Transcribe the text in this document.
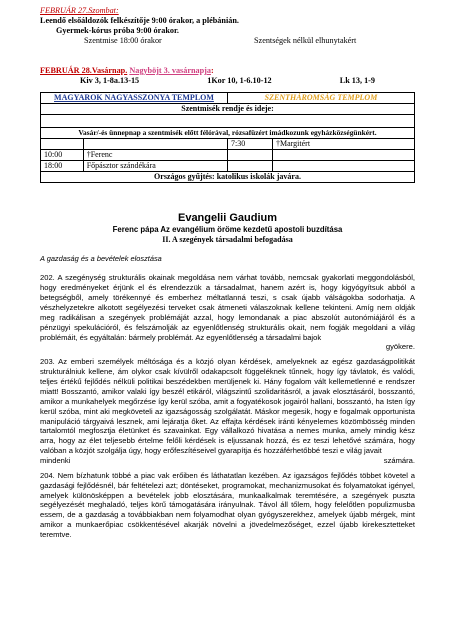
FEBRUÁR 27.Szombat:
Leendő elsőáldozók felkészítője 9:00 órakor, a plébánián.
Gyermek-kórus próba 9:00 órakor.
Szentmise 18:00 órakor	Szentségek nélkül elhunytakért
FEBRUÁR 28.Vasárnap. Nagyböjt 3. vasárnapja:
Kiv 3, 1-8a.13-15	1Kor 10, 1-6.10-12	Lk 13, 1-9
MAGYAROK NAGYASSZONYA TEMPLOM		SZENTHÁROMSÁG TEMPLOM	
Szentmisék rendje és ideje:			

Vasár/-és ünnepnap a szentmisék előtt félórával, rózsafüzért imádkozunk egyházközségünkért.			
		7:30	†Margitért
10:00	†Ferenc		
18:00	Főpásztor szándékára		
Országos gyűjtés: katolikus iskolák javára.			
Evangelii Gaudium
Ferenc pápa Az evangélium öröme kezdetű apostoli buzdítása
II. A szegények társadalmi befogadása
A gazdaság és a bevételek elosztása

202. A szegénység strukturális okainak megoldása nem várhat tovább, nemcsak gyakorlati meggondolásból, hogy eredményeket érjünk el és elrendezzük a társadalmat, hanem azért is, hogy kigyógyítsuk abból a betegségből, amely törékennyé és emberhez méltatlanná teszi, s csak újabb válságokba sodorhatja. A vészhelyzetekre alkotott segélyezési terveket csak átmeneti válaszoknak kellene tekinteni. Amíg nem oldják meg radikálisan a szegények problémáját azzal, hogy lemondanak a piac abszolút autonómiájáról és a pénzügyi spekulációról, és felszámolják az egyenlőtlenség strukturális okait, nem fogják megoldani a világ problémáit, és egyáltalán: bármely problémát. Az egyenlőtlenség a társadalmi bajok
gyökere.

203. Az emberi személyek méltósága és a közjó olyan kérdések, amelyeknek az egész gazdaságpolitikát strukturálniuk kellene, ám olykor csak kívülről odakapcsolt függeléknek tűnnek, hogy így távlatok, és valódi, teljes értékű fejlődés nélküli politikai beszédekben merüljenek ki. Hány fogalom vált kellemetlenné e rendszer miatt! Bosszantó, amikor valaki így beszél etikáról, világszintű szolidaritásról, a javak elosztásáról, bosszantó, amikor a munkahelyek megőrzése így kerül szóba, amit a fogyatékosok jogairól hallani, bosszantó, ha Isten így kerül szóba, mint aki megköveteli az igazságosság szolgálatát. Máskor megesik, hogy e fogalmak opportunista manipuláció tárgyaivá lesznek, ami lejáratja őket. Az effajta kérdések iránti kényelemes közömbösség minden tartalomtól megfosztja életünket és szavainkat. Egy vállalkozó hivatása a nemes munka, amely mindig kész arra, hogy az élet teljesebb értelme felőli kérdések is eljussanak hozzá, és ez teszi lehetővé számára, hogy valóban a közjót szolgálja úgy, hogy erőfeszítéseivel gyarapítja és hozzáférhetőbbé teszi e világ javait
mindenki	számára.

204. Nem bízhatunk többé a piac vak erőiben és láthatatlan kezében. Az igazságos fejlődés többet követel a gazdasági fejlődésnél, bár feltételezi azt; döntéseket, programokat, mechanizmusokat és folyamatokat igényel, amelyek különösképpen a bevételek jobb elosztására, munkaalkalmak teremtésére, a szegények puszta segélyezését meghaladó, teljes körű támogatására irányulnak. Távol áll tőlem, hogy felelőtlen populizmusba essem, de a gazdaság a továbbiakban nem folyamodhat olyan gyógyszerekhez, amelyek újabb mérgek, mint amikor a munkaerőpiac csökkentésével akarják növelni a jövedelmezőséget, ezzel újabb kirekesztetteket teremtve.
